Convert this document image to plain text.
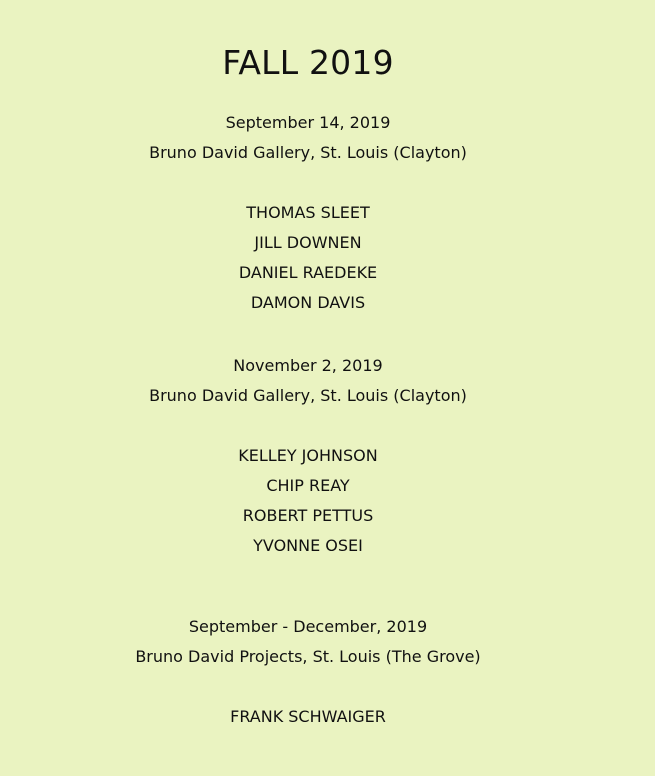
FALL 2019
September 14, 2019
Bruno David Gallery, St. Louis (Clayton)
THOMAS SLEET
JILL DOWNEN
DANIEL RAEDEKE
DAMON DAVIS
November 2, 2019
Bruno David Gallery, St. Louis (Clayton)
KELLEY JOHNSON
CHIP REAY
ROBERT PETTUS
YVONNE OSEI
September - December, 2019
Bruno David Projects, St. Louis (The Grove)
FRANK SCHWAIGER
